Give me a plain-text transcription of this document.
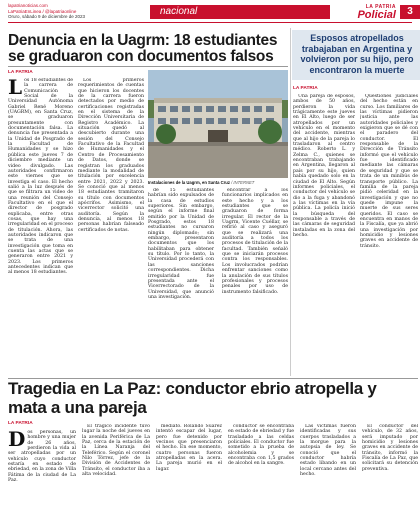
lapatrianoticias.com
LaPatriaEnLinea / @lapatriaonline
Oruro, sábado 9 de diciembre de 2023	nacional	LA PATRIA
Policial	3
Denuncia en la Uagrm: 18 estudiantes se graduaron con documentos falsos
LA PATRIA
L os 18 estudiantes de la carrera de Comunicación Social de la Universidad Autónoma Gabriel René Moreno (UAGRM), en Santa Cruz, se graduaron presuntamente con documentación falsa. La denuncia fue presentada a la Unidad de Posgrado de la Facultad de Humanidades y se hizo pública este jueves 7 de diciembre mediante un video divulgado. Las autoridades confirmaron este viernes que se investiga el caso. El hecho salió a la luz después de que se filtrara un video de una reunión del Consejo Facultativo en el que el director de posgrado explicaba, entre otras cosas, que hay una irregularidad en el proceso de titulación. Ahora, las autoridades indicaron que se trata de una investigación que toma en cuenta las actas que se generaron entre 2021 y 2023. Los primeros antecedentes indican que al menos 18 estudiantes.

Los primeros requerimientos de cuentas que hicieron los docentes de la carrera fueron detectados por medio de certificaciones registradas en el sistema de la Dirección Universitaria de Registro Académico. La situación quedó al descubierto durante una sesión del Consejo Facultativo de la Facultad de Humanidades y el Centro de Procesamiento de Datos, donde se registran los graduados mediante la modalidad de titulación por excelencia entre 2021, 2022 y 2023. Se conoció que al menos 18 estudiantes tramitaron su título con documentos apócrifos. Asimismo, el vicerrector solicitó una auditoría. Según la denuncia, al menos 18 personas habrían falseado certificados de notas.

Instalaciones de la Uagrm, en Santa Cruz / INTERNET

de 15 estudiantes habrían sido expulsados de la casa de estudios superiores. Sin embargo, según el informe final emitido por la Unidad de Posgrado, estos 18 estudiantes no cursaron ningún diplomado; sin embargo, presentaron documentos que los habilitaban para obtener su título. Por lo tanto, la Universidad procederá con las sanciones correspondientes. Dicha irregularidad fue presentada ante el Vicerrectorado de la Universidad, que anunció una investigación.

encontrar a los funcionarios implicados en este hecho y a los estudiantes que se graduaron de forma irregular. El rector de la Uagrm, Vicente Cuéllar, se refirió al caso y aseguró que se realizará una auditoría a todos los procesos de titulación de la facultad. También señaló que se iniciarán procesos contra los responsables. Los involucrados podrían enfrentar sanciones como la anulación de sus títulos profesionales y procesos penales por uso de instrumento falsificado.

Esposos atropellados trabajaban en Argentina y volvieron por su hijo, pero encontraron la muerte
LA PATRIA

Una pareja de esposos, ambos de 50 años, perdieron la vida trágicamente este jueves en El Alto, luego de ser atropellados por un vehículo en el momento del accidente, mientras que al hijo de la pareja lo trasladaron al centro médico. Roberto L. y Zelma C., quienes se encontraban trabajando en Argentina, llegaron al país por su hijo, quien había quedado solo en la ciudad de El Alto. Según informes policiales, el conductor del vehículo se dio a la fuga y abandonó a las víctimas en la vía pública. La policía inició la búsqueda del responsable a través de las cámaras de seguridad instaladas en la zona del hecho.

Questiones judiciales del hecho están en curso. Los familiares de las víctimas pidieron justicia ante las autoridades policiales y exigieron que se dé con el paradero del conductor. El responsable de la Dirección de Tránsito informó que el vehículo fue identificado mediante las cámaras de seguridad y que se trata de un minibús de transporte público. La familia de la pareja pidió celeridad en la investigación y que no quede impune la muerte de sus seres queridos. El caso se encuentra en manos de la Fiscalía, que ya abrió una investigación por homicidio y lesiones graves en accidente de tránsito.

Tragedia en La Paz: conductor ebrio atropella y mata a una pareja
LA PATRIA
D os personas, un hombre y una mujer de 26 años, perdieron la vida al ser atropelladas por un vehículo cuyo conductor estaría en estado de ebriedad, en la zona de Villa Fátima de la ciudad de La Paz.

El trágico incidente tuvo lugar la noche del jueves en la avenida Periférica de La Paz, cerca de la estación de la Línea Naranja del Teleférico. Según el coronel Nilo Tórrez, jefe de la División de Accidentes de Tránsito, el conductor iba a alta velocidad.

mediato. Rolando Suárez intentó escapar del lugar, pero fue detenido por vecinos que presenciaron el hecho. En ese momento, cuatro personas fueron atropelladas en la acera. La pareja murió en el lugar.

conductor se encontraba en estado de ebriedad y fue trasladado a las celdas policiales. El conductor fue sometido a la prueba de alcoholemia y se encontraba con 1,5 grados de alcohol en la sangre.

Las víctimas fueron identificadas y sus cuerpos trasladados a la morgue para la autopsia de ley. Se conoció que el conductor habría estado libando en un local cercano antes del hecho.

El conductor del vehículo, de 32 años, será imputado por homicidio y lesiones graves en accidente de tránsito, informó la Fiscalía de La Paz, que solicitará su detención preventiva.
